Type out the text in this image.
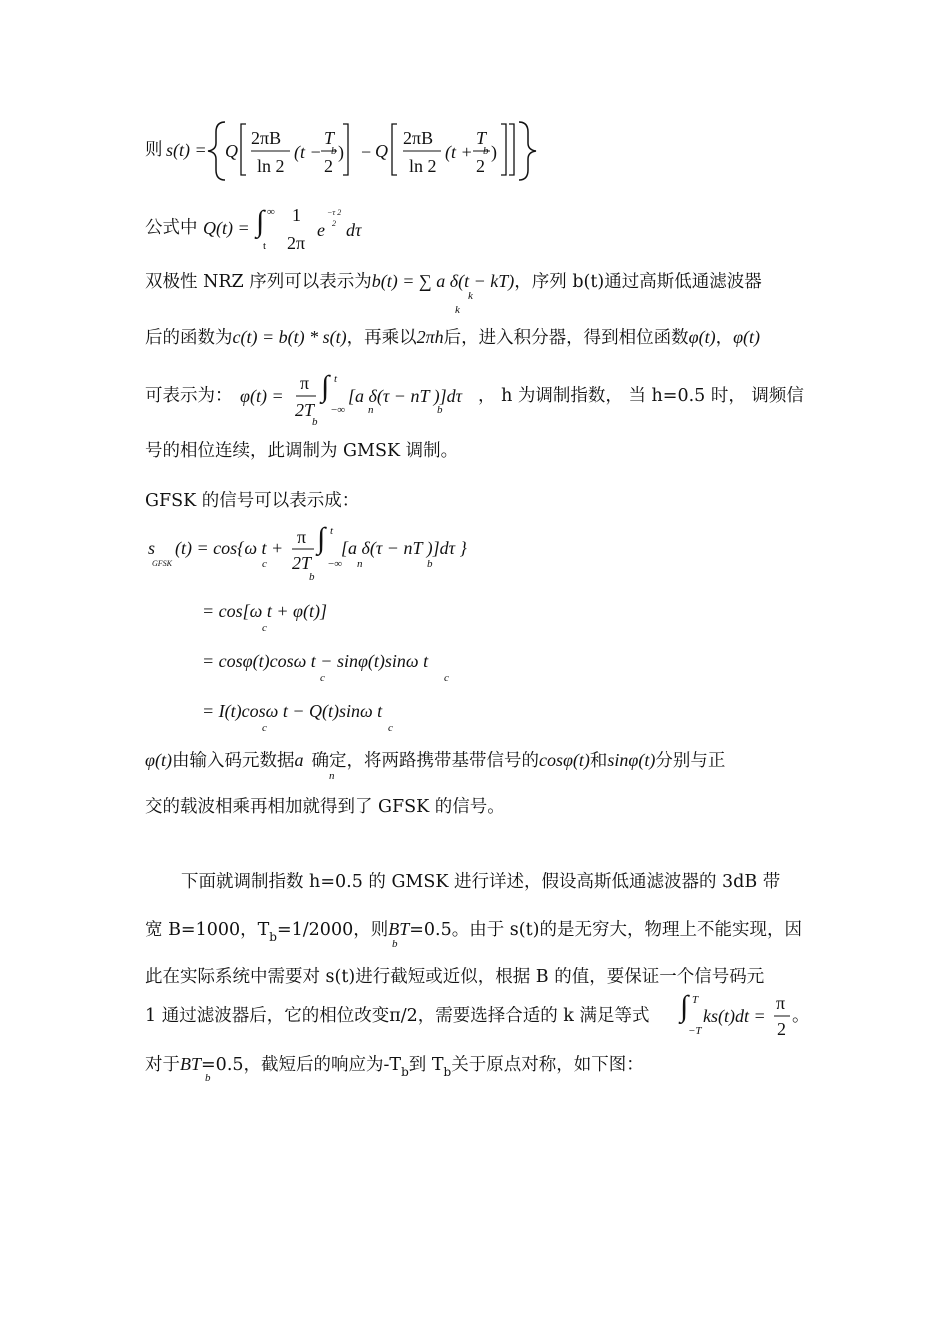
则 s(t) = Q
2πB
ln 2
(t −
T
b
2
) − Q
2πB
ln 2
(t +
T
b
2
)
公式中 Q(t) = ∫ ∞
t
1
2π
e
−τ 2
2 dτ
双极性 NRZ 序列可以表示为b(t) = ∑ a δ(t − kT)，序列 b(t)通过高斯低通滤波器
k
k
后的函数为c(t) = b(t) * s(t)，再乘以2πh后，进入积分器，得到相位函数φ(t)，φ(t)
可表示为： φ(t) =
π
2T
b
∫ t
−∞
[a δ(τ − nT )]dτ
n	b
， h 为调制指数， 当 h=0.5 时， 调频信
号的相位连续，此调制为 GMSK 调制。
GFSK 的信号可以表示成：
s
GFSK
(t) = cos{ω t +
c
π
2T
b
∫ t
−∞
[a δ(τ − nT )]dτ }
n	b
= cos[ω t + φ(t)]
c
= cosφ(t)cosω t − sinφ(t)sinω t
c	c
= I(t)cosω t − Q(t)sinω t
c	c
φ(t)由输入码元数据a 确定，将两路携带基带信号的cosφ(t)和sinφ(t)分别与正
n
交的载波相乘再相加就得到了 GFSK 的信号。
下面就调制指数 h=0.5 的 GMSK 进行详述，假设高斯低通滤波器的 3dB 带
宽 B=1000，$T_b=1/2000$，则BT=0.5。由于 s(t)的是无穷大，物理上不能实现，因
b
此在实际系统中需要对 s(t)进行截短或近似，根据 B 的值，要保证一个信号码元
1 通过滤波器后，它的相位改变π/2，需要选择合适的 k 满足等式 ∫ T
−T
ks(t)dt =
π
2
。
对于BT=0.5，截短后的响应为$-T_b$到 $T_b$关于原点对称，如下图：
b
